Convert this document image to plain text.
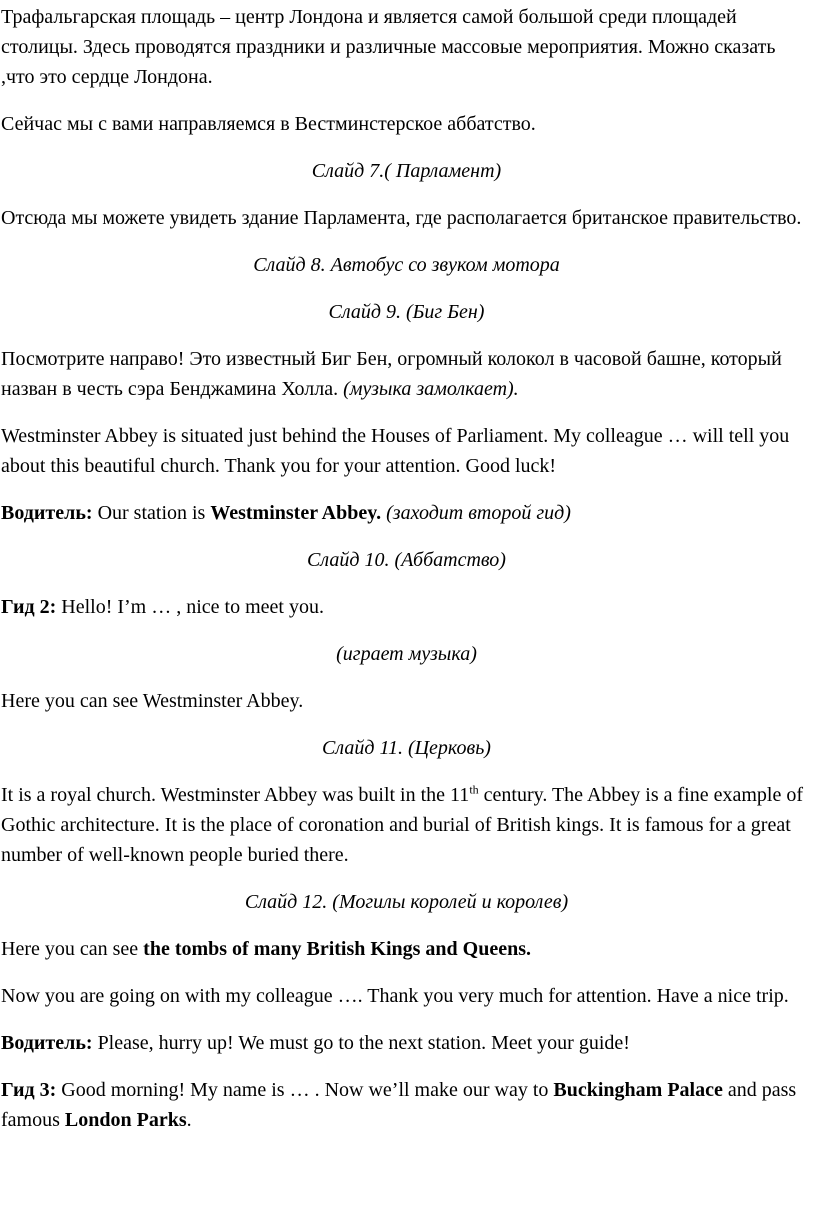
Трафальгарская площадь – центр Лондона и является самой большой среди площадей столицы. Здесь проводятся праздники и различные массовые мероприятия. Можно сказать ,что это сердце Лондона.

Сейчас мы с вами направляемся в Вестминстерское аббатство.

Слайд 7.( Парламент)

Отсюда мы можете увидеть здание Парламента, где располагается британское правительство.

Слайд 8. Автобус со звуком мотора

Слайд 9. (Биг Бен)

Посмотрите направо! Это известный Биг Бен, огромный колокол в часовой башне, который назван в честь сэра Бенджамина Холла. (музыка замолкает).

Westminster Abbey is situated just behind the Houses of Parliament. My colleague … will tell you about this beautiful church. Thank you for your attention. Good luck!

Водитель: Our station is Westminster Abbey. (заходит второй гид)

Слайд 10. (Аббатство)

Гид 2: Hello! I’m … , nice to meet you.

(играет музыка)

Here you can see Westminster Abbey.

Слайд 11. (Церковь)

It is a royal church. Westminster Abbey was built in the 11th century. The Abbey is a fine example of Gothic architecture. It is the place of coronation and burial of British kings. It is famous for a great number of well-known people buried there.

Слайд 12. (Могилы королей и королев)

Here you can see the tombs of many British Kings and Queens.

Now you are going on with my colleague …. Thank you very much for attention. Have a nice trip.

Водитель: Please, hurry up! We must go to the next station. Meet your guide!

Гид 3: Good morning! My name is … . Now we’ll make our way to Buckingham Palace and pass famous London Parks.
